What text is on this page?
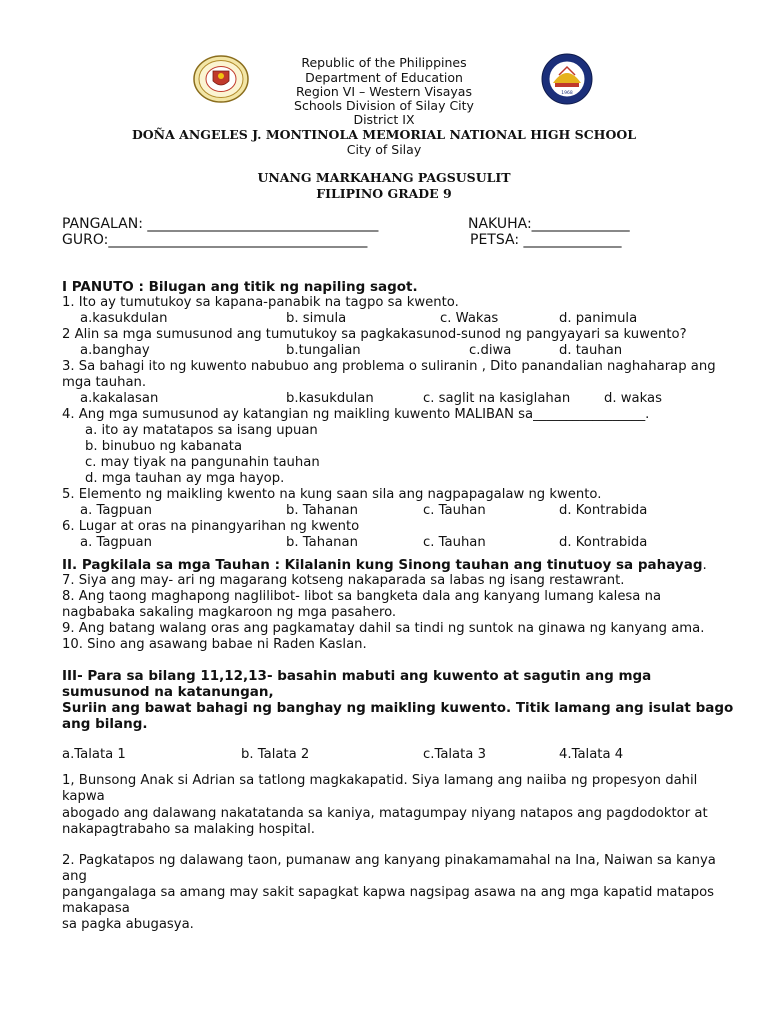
1968
Republic of the Philippines
Department of Education
Region VI – Western Visayas
Schools Division of Silay City
District IX
DOÑA ANGELES J. MONTINOLA MEMORIAL NATIONAL HIGH SCHOOL
City of Silay
UNANG MARKAHANG PAGSUSULIT
FILIPINO GRADE 9
PANGALAN: _________________________________	NAKUHA:______________
GURO:_____________________________________	PETSA: ______________
I PANUTO : Bilugan ang titik ng napiling sagot.
1. Ito ay tumutukoy sa kapana-panabik na tagpo sa kwento.
a.kasukdulan	b. simula	c. Wakas	d. panimula
2 Alin sa mga sumusunod ang tumutukoy sa pagkakasunod-sunod ng pangyayari sa kuwento?
a.banghay	b.tungalian	c.diwa	d. tauhan
3. Sa bahagi ito ng kuwento nabubuo ang problema o suliranin , Dito panandalian naghaharap ang
mga tauhan.
a.kakalasan	b.kasukdulan	c. saglit na kasiglahan	d. wakas
4. Ang mga sumusunod ay katangian ng maikling kuwento MALIBAN sa_________________.
a. ito ay matatapos sa isang upuan
b. binubuo ng kabanata
c. may tiyak na pangunahin tauhan
d. mga tauhan ay mga hayop.
5. Elemento ng maikling kwento na kung saan sila ang nagpapagalaw ng kwento.
a. Tagpuan	b. Tahanan	c. Tauhan	d. Kontrabida
6. Lugar at oras na pinangyarihan ng kwento
a. Tagpuan	b. Tahanan	c. Tauhan	d. Kontrabida
II. Pagkilala sa mga Tauhan : Kilalanin kung Sinong tauhan ang tinutuoy sa pahayag.
7. Siya ang may- ari ng magarang kotseng nakaparada sa labas ng isang restawrant.
8. Ang taong maghapong naglilibot- libot sa bangketa dala ang kanyang lumang kalesa na
nagbabaka sakaling magkaroon ng mga pasahero.
9. Ang batang walang oras ang pagkamatay dahil sa tindi ng suntok na ginawa ng kanyang ama.
10. Sino ang asawang babae ni Raden Kaslan.
III- Para sa bilang 11,12,13- basahin mabuti ang kuwento at sagutin ang mga
sumusunod na katanungan,
Suriin ang bawat bahagi ng banghay ng maikling kuwento. Titik lamang ang isulat bago
ang bilang.
a.Talata 1	b. Talata 2	c.Talata 3	4.Talata 4
1, Bunsong Anak si Adrian sa tatlong magkakapatid. Siya lamang ang naiiba ng propesyon dahil
kapwa
abogado ang dalawang nakatatanda sa kaniya, matagumpay niyang natapos ang pagdodoktor at
nakapagtrabaho sa malaking hospital.
2. Pagkatapos ng dalawang taon, pumanaw ang kanyang pinakamamahal na Ina, Naiwan sa kanya
ang
pangangalaga sa amang may sakit sapagkat kapwa nagsipag asawa na ang mga kapatid matapos
makapasa
sa pagka abugasya.
